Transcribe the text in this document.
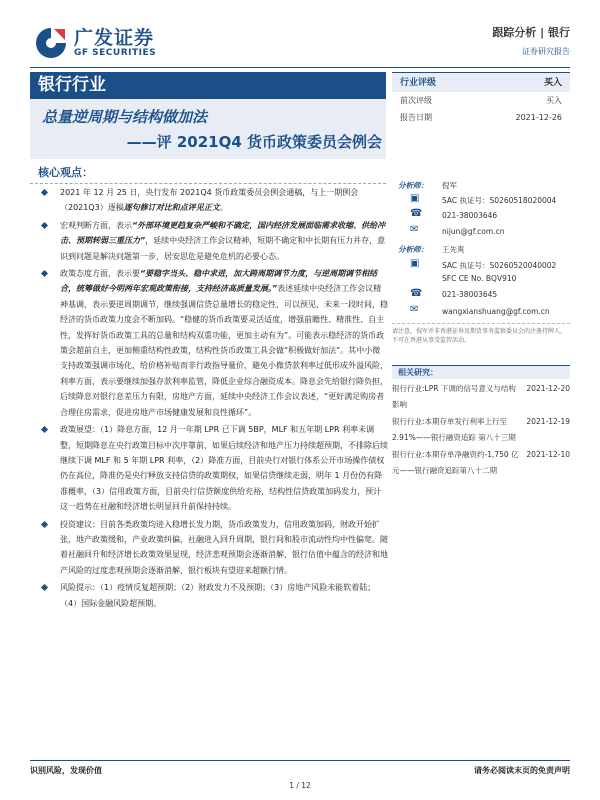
广发证券
GF SECURITIES
跟踪分析 | 银行
证券研究报告
银行行业
总量逆周期与结构做加法
——评 2021Q4 货币政策委员会例会
行业评级	买入
前次评级	买入
报告日期	2021-12-26
核心观点：
2021 年 12 月 25 日，央行发布 2021Q4 货币政策委员会例会通稿，与上一期例会（2021Q3）逐稿逐句修订对比和点评见正文。
宏观判断方面，表示“外部环境更趋复杂严峻和不确定，国内经济发展面临需求收缩、供给冲击、预期转弱三重压力”，延续中央经济工作会议精神，短期不确定和中长期有压力并存，意识到问题是解决问题第一步，居安思危是避免危机的必要心态。
政策态度方面，表示要“要稳字当头、稳中求进，加大跨周期调节力度，与逆周期调节相结合，统筹做好今明两年宏观政策衔接，支持经济高质量发展。”表述延续中央经济工作会议精神基调，表示要逆周期调节，继续强调信贷总量增长的稳定性，可以预见，未来一段时间，稳经济的货币政策力度会不断加码。“稳健的货币政策要灵活适度，增强前瞻性、精准性、自主性，发挥好货币政策工具的总量和结构双重功能，更加主动有为”。可能表示稳经济的货币政策会超前自主，更加侧重结构性政策，结构性货币政策工具会做“积极做好加法”。其中小微支持政策强调市场化，给价格补贴而非行政指导量价，避免小微贷款利率过低形成外溢风险，利率方面，表示要继续加强存款利率监管，降低企业综合融资成本。降息会先给银行降负担，后续降息对银行息差压力有限，房地产方面，延续中央经济工作会议表述，“更好满足购房者合理住房需求，促进房地产市场健康发展和良性循环”。
政策展望：（1）降息方面，12 月一年期 LPR 已下调 5BP，MLF 和五年期 LPR 利率未调整，短期降息在央行政策目标中次序靠前，如果后续经济和地产压力持续超预期，不排除后续继续下调 MLF 和 5 年期 LPR 利率，（2）降准方面，目前央行对银行体系公开市场操作债权仍在高位，降准仍是央行释放支持信贷的政策期权，如果信贷继续走弱，明年 1 月份仍有降准概率，（3）信用政策方面，目前央行信贷额度供给充裕，结构性信贷政策加码发力，预计这一趋势在社融和经济增长明显回升前保持持续。
投资建议：目前各类政策均进入稳增长发力期，货币政策发力，信用政策加码，财政开始扩张，地产政策缓和，产业政策纠偏，社融进入回升周期，银行间和股市流动性均中性偏宽。随着社融回升和经济增长政策效果显现，经济悲观预期会逐渐消解，银行估值中蕴含的经济和地产风险的过度悲观预期会逐渐消解，银行板块有望迎来超额行情。
风险提示：（1）疫情反复超预期；（2）财政发力不及预期；（3）房地产风险未能软着陆；（4）国际金融风险超预期。
分析师： 倪军
▣	SAC 执证号：S0260518020004
☎	021-38003646
✉	nijun@gf.com.cn
分析师： 王先爽
▣	SAC 执证号：S0260520040002
SFC CE No. BQV910
☎	021-38003645
✉	wangxianshuang@gf.com.cn
请注意，倪军并非香港证券及期货事务监察委员会的注册持牌人，不可在香港从事受监管活动。
相关研究：
银行行业:LPR 下调的信号意义与结构影响
2021-12-20
银行行业:本期存单发行利率上行至 2.91%——银行融资追踪 第八十三期
2021-12-19
银行行业:本期存单净融资约-1,750 亿元——银行融资追踪第八十二期
2021-12-10
识别风险，发现价值	请务必阅读末页的免责声明
1 / 12
